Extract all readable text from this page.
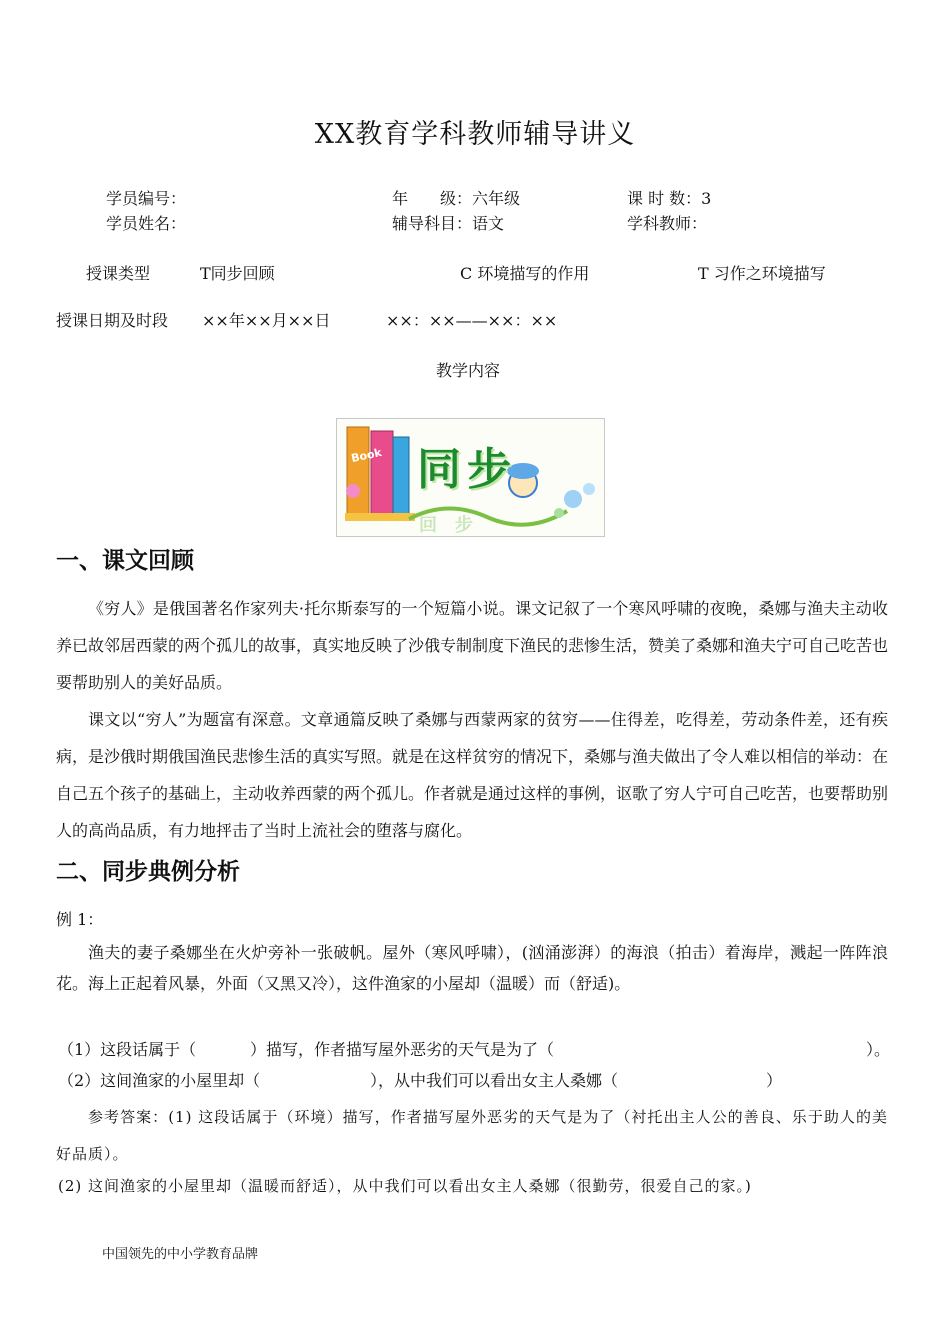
XX教育学科教师辅导讲义
学员编号：	年　　级：六年级	课 时 数：3
学员姓名：	辅导科目：语文	学科教师：
授课类型	T同步回顾	C 环境描写的作用	T 习作之环境描写
授课日期及时段 ××年××月××日	××：××——××：××
教学内容
Book 同步
回步
一、课文回顾
《穷人》是俄国著名作家列夫·托尔斯泰写的一个短篇小说。课文记叙了一个寒风呼啸的夜晚，桑娜与渔夫主动收养已故邻居西蒙的两个孤儿的故事，真实地反映了沙俄专制制度下渔民的悲惨生活，赞美了桑娜和渔夫宁可自己吃苦也要帮助别人的美好品质。
课文以“穷人”为题富有深意。文章通篇反映了桑娜与西蒙两家的贫穷——住得差，吃得差，劳动条件差，还有疾病，是沙俄时期俄国渔民悲惨生活的真实写照。就是在这样贫穷的情况下，桑娜与渔夫做出了令人难以相信的举动：在自己五个孩子的基础上，主动收养西蒙的两个孤儿。作者就是通过这样的事例，讴歌了穷人宁可自己吃苦，也要帮助别人的高尚品质，有力地抨击了当时上流社会的堕落与腐化。
二、同步典例分析
例 1：
渔夫的妻子桑娜坐在火炉旁补一张破帆。屋外（寒风呼啸），(汹涌澎湃）的海浪（拍击）着海岸，溅起一阵阵浪花。海上正起着风暴，外面（又黑又冷），这件渔家的小屋却（温暖）而（舒适)。
（1）这段话属于（	）描写，作者描写屋外恶劣的天气是为了（	）。
（2）这间渔家的小屋里却（	），从中我们可以看出女主人桑娜（	）
参考答案：(1) 这段话属于（环境）描写，作者描写屋外恶劣的天气是为了（衬托出主人公的善良、乐于助人的美好品质）。
(2) 这间渔家的小屋里却（温暖而舒适），从中我们可以看出女主人桑娜（很勤劳，很爱自己的家。)
中国领先的中小学教育品牌
